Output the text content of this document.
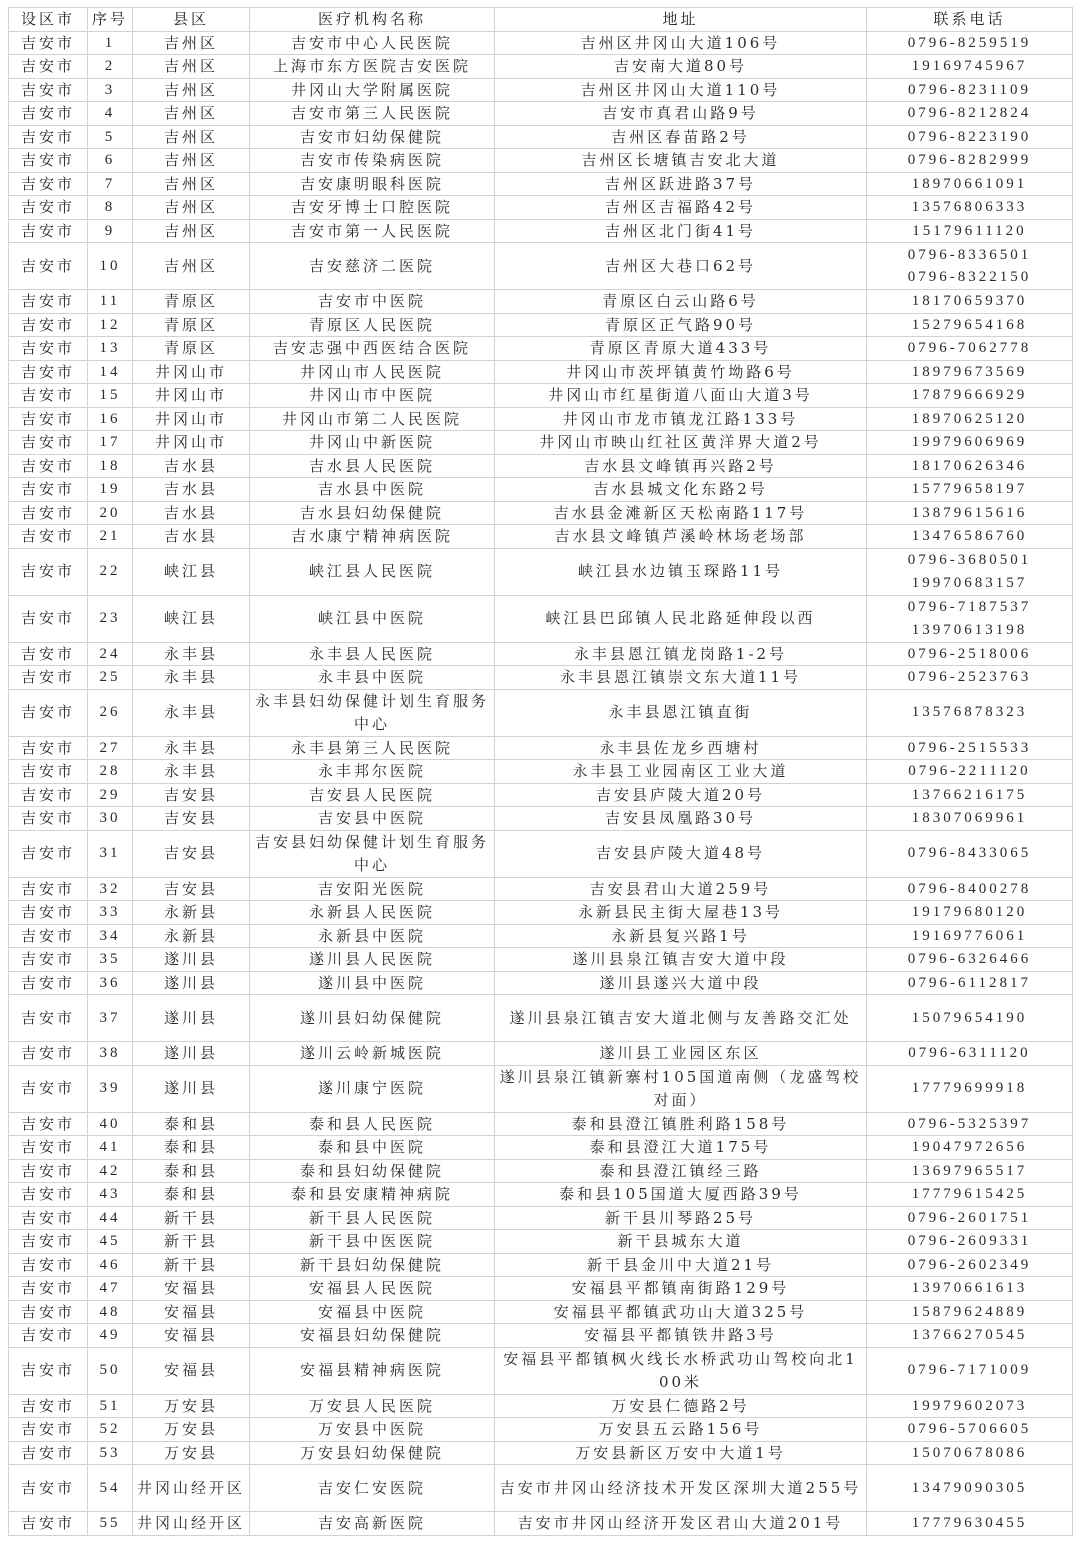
设区市	序号	县区	医疗机构名称	地址	联系电话
吉安市	1	吉州区	吉安市中心人民医院	吉州区井冈山大道106号	0796-8259519

吉安市	2	吉州区	上海市东方医院吉安医院	吉安南大道80号	19169745967

吉安市	3	吉州区	井冈山大学附属医院	吉州区井冈山大道110号	0796-8231109

吉安市	4	吉州区	吉安市第三人民医院	吉安市真君山路9号	0796-8212824

吉安市	5	吉州区	吉安市妇幼保健院	吉州区春苗路2号	0796-8223190

吉安市	6	吉州区	吉安市传染病医院	吉州区长塘镇吉安北大道	0796-8282999

吉安市	7	吉州区	吉安康明眼科医院	吉州区跃进路37号	18970661091

吉安市	8	吉州区	吉安牙博士口腔医院	吉州区吉福路42号	13576806333

吉安市	9	吉州区	吉安市第一人民医院	吉州区北门街41号	15179611120

吉安市	10	吉州区	吉安慈济二医院	吉州区大巷口62号	0796-8336501
0796-8322150

吉安市	11	青原区	吉安市中医院	青原区白云山路6号	18170659370

吉安市	12	青原区	青原区人民医院	青原区正气路90号	15279654168

吉安市	13	青原区	吉安志强中西医结合医院	青原区青原大道433号	0796-7062778

吉安市	14	井冈山市	井冈山市人民医院	井冈山市茨坪镇黄竹坳路6号	18979673569

吉安市	15	井冈山市	井冈山市中医院	井冈山市红星街道八面山大道3号	17879666929

吉安市	16	井冈山市	井冈山市第二人民医院	井冈山市龙市镇龙江路133号	18970625120

吉安市	17	井冈山市	井冈山中新医院	井冈山市映山红社区黄洋界大道2号	19979606969

吉安市	18	吉水县	吉水县人民医院	吉水县文峰镇再兴路2号	18170626346

吉安市	19	吉水县	吉水县中医院	吉水县城文化东路2号	15779658197

吉安市	20	吉水县	吉水县妇幼保健院	吉水县金滩新区天松南路117号	13879615616

吉安市	21	吉水县	吉水康宁精神病医院	吉水县文峰镇芦溪岭林场老场部	13476586760

吉安市	22	峡江县	峡江县人民医院	峡江县水边镇玉琛路11号	0796-3680501
19970683157

吉安市	23	峡江县	峡江县中医院	峡江县巴邱镇人民北路延伸段以西	0796-7187537
13970613198

吉安市	24	永丰县	永丰县人民医院	永丰县恩江镇龙岗路1-2号	0796-2518006

吉安市	25	永丰县	永丰县中医院	永丰县恩江镇崇文东大道11号	0796-2523763

吉安市	26	永丰县	永丰县妇幼保健计划生育服务中心	永丰县恩江镇直街	13576878323

吉安市	27	永丰县	永丰县第三人民医院	永丰县佐龙乡西塘村	0796-2515533

吉安市	28	永丰县	永丰邦尔医院	永丰县工业园南区工业大道	0796-2211120

吉安市	29	吉安县	吉安县人民医院	吉安县庐陵大道20号	13766216175

吉安市	30	吉安县	吉安县中医院	吉安县凤凰路30号	18307069961

吉安市	31	吉安县	吉安县妇幼保健计划生育服务中心	吉安县庐陵大道48号	0796-8433065

吉安市	32	吉安县	吉安阳光医院	吉安县君山大道259号	0796-8400278

吉安市	33	永新县	永新县人民医院	永新县民主街大屋巷13号	19179680120

吉安市	34	永新县	永新县中医院	永新县复兴路1号	19169776061

吉安市	35	遂川县	遂川县人民医院	遂川县泉江镇吉安大道中段	0796-6326466

吉安市	36	遂川县	遂川县中医院	遂川县遂兴大道中段	0796-6112817

吉安市	37	遂川县	遂川县妇幼保健院	遂川县泉江镇吉安大道北侧与友善路交汇处	15079654190

吉安市	38	遂川县	遂川云岭新城医院	遂川县工业园区东区	0796-6311120

吉安市	39	遂川县	遂川康宁医院	遂川县泉江镇新寨村105国道南侧（龙盛驾校对面）	17779699918

吉安市	40	泰和县	泰和县人民医院	泰和县澄江镇胜利路158号	0796-5325397

吉安市	41	泰和县	泰和县中医院	泰和县澄江大道175号	19047972656

吉安市	42	泰和县	泰和县妇幼保健院	泰和县澄江镇经三路	13697965517

吉安市	43	泰和县	泰和县安康精神病院	泰和县105国道大厦西路39号	17779615425

吉安市	44	新干县	新干县人民医院	新干县川琴路25号	0796-2601751

吉安市	45	新干县	新干县中医医院	新干县城东大道	0796-2609331

吉安市	46	新干县	新干县妇幼保健院	新干县金川中大道21号	0796-2602349

吉安市	47	安福县	安福县人民医院	安福县平都镇南街路129号	13970661613

吉安市	48	安福县	安福县中医院	安福县平都镇武功山大道325号	15879624889

吉安市	49	安福县	安福县妇幼保健院	安福县平都镇铁井路3号	13766270545

吉安市	50	安福县	安福县精神病医院	安福县平都镇枫火线长水桥武功山驾校向北100米	0796-7171009

吉安市	51	万安县	万安县人民医院	万安县仁德路2号	19979602073

吉安市	52	万安县	万安县中医院	万安县五云路156号	0796-5706605

吉安市	53	万安县	万安县妇幼保健院	万安县新区万安中大道1号	15070678086

吉安市	54	井冈山经开区	吉安仁安医院	吉安市井冈山经济技术开发区深圳大道255号	13479090305

吉安市	55	井冈山经开区	吉安高新医院	吉安市井冈山经济开发区君山大道201号	17779630455
